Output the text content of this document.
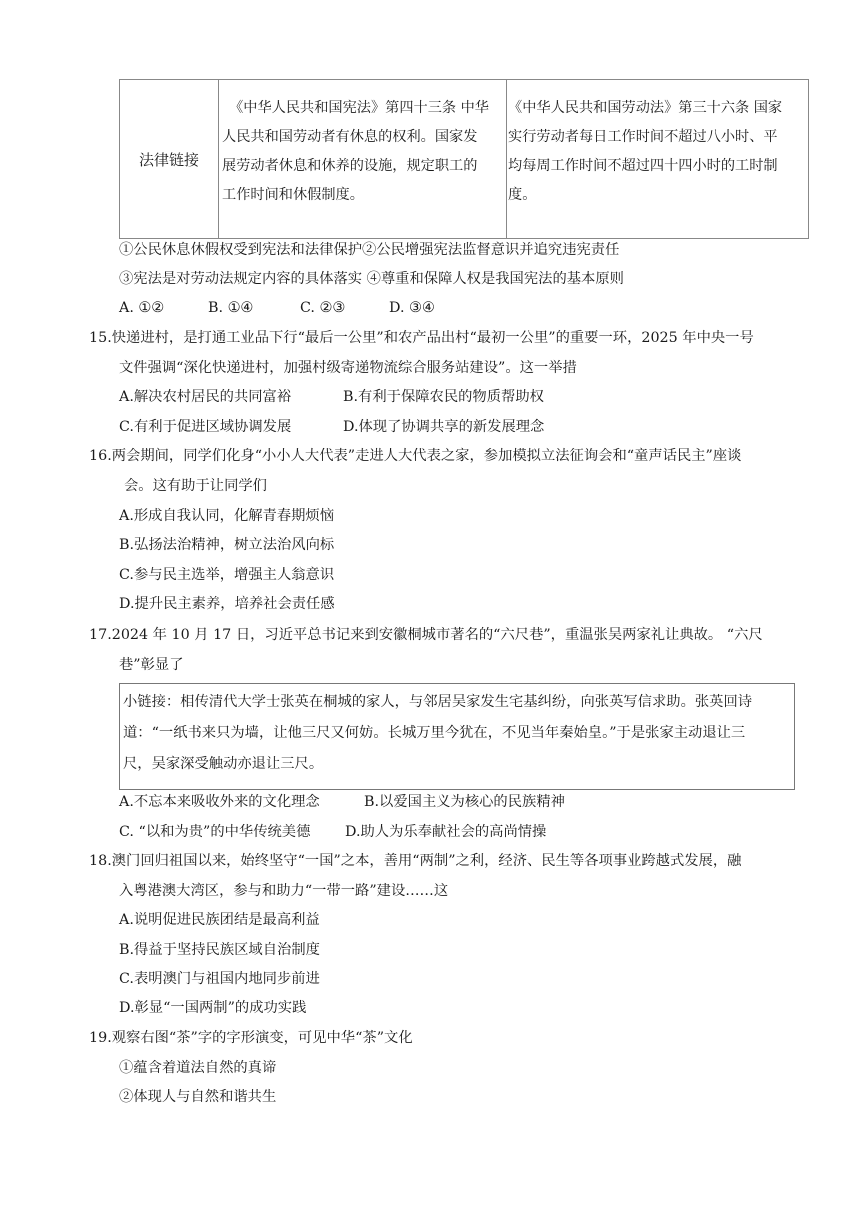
法律链接
　《中华人民共和国宪法》第四十三条 中华
人民共和国劳动者有休息的权利。国家发
展劳动者休息和休养的设施，规定职工的
工作时间和休假制度。
《中华人民共和国劳动法》第三十六条 国家
实行劳动者每日工作时间不超过八小时、平
均每周工作时间不超过四十四小时的工时制
度。
①公民休息休假权受到宪法和法律保护②公民增强宪法监督意识并追究违宪责任
③宪法是对劳动法规定内容的具体落实 ④尊重和保障人权是我国宪法的基本原则
A. ①②	B. ①④	C. ②③	D. ③④
15.快递进村，是打通工业品下行“最后一公里”和农产品出村“最初一公里”的重要一环，2025 年中央一号
文件强调“深化快递进村，加强村级寄递物流综合服务站建设”。这一举措
A.解决农村居民的共同富裕	B.有利于保障农民的物质帮助权
C.有利于促进区域协调发展	D.体现了协调共享的新发展理念
16.两会期间，同学们化身“小小人大代表”走进人大代表之家，参加模拟立法征询会和“童声话民主”座谈
会。这有助于让同学们
A.形成自我认同，化解青春期烦恼
B.弘扬法治精神，树立法治风向标
C.参与民主选举，增强主人翁意识
D.提升民主素养，培养社会责任感
17.2024 年 10 月 17 日，习近平总书记来到安徽桐城市著名的“六尺巷”，重温张吴两家礼让典故。 “六尺
巷”彰显了
小链接：相传清代大学士张英在桐城的家人，与邻居吴家发生宅基纠纷，向张英写信求助。张英回诗
道：“一纸书来只为墙，让他三尺又何妨。长城万里今犹在，不见当年秦始皇。”于是张家主动退让三
尺，吴家深受触动亦退让三尺。
A.不忘本来吸收外来的文化理念	B.以爱国主义为核心的民族精神
C. “以和为贵”的中华传统美德 D.助人为乐奉献社会的高尚情操
18.澳门回归祖国以来，始终坚守“一国”之本，善用“两制”之利，经济、民生等各项事业跨越式发展，融
入粤港澳大湾区，参与和助力“一带一路”建设……这
A.说明促进民族团结是最高利益
B.得益于坚持民族区域自治制度
C.表明澳门与祖国内地同步前进
D.彰显“一国两制”的成功实践
19.观察右图“茶”字的字形演变，可见中华“茶”文化
①蕴含着道法自然的真谛
②体现人与自然和谐共生
